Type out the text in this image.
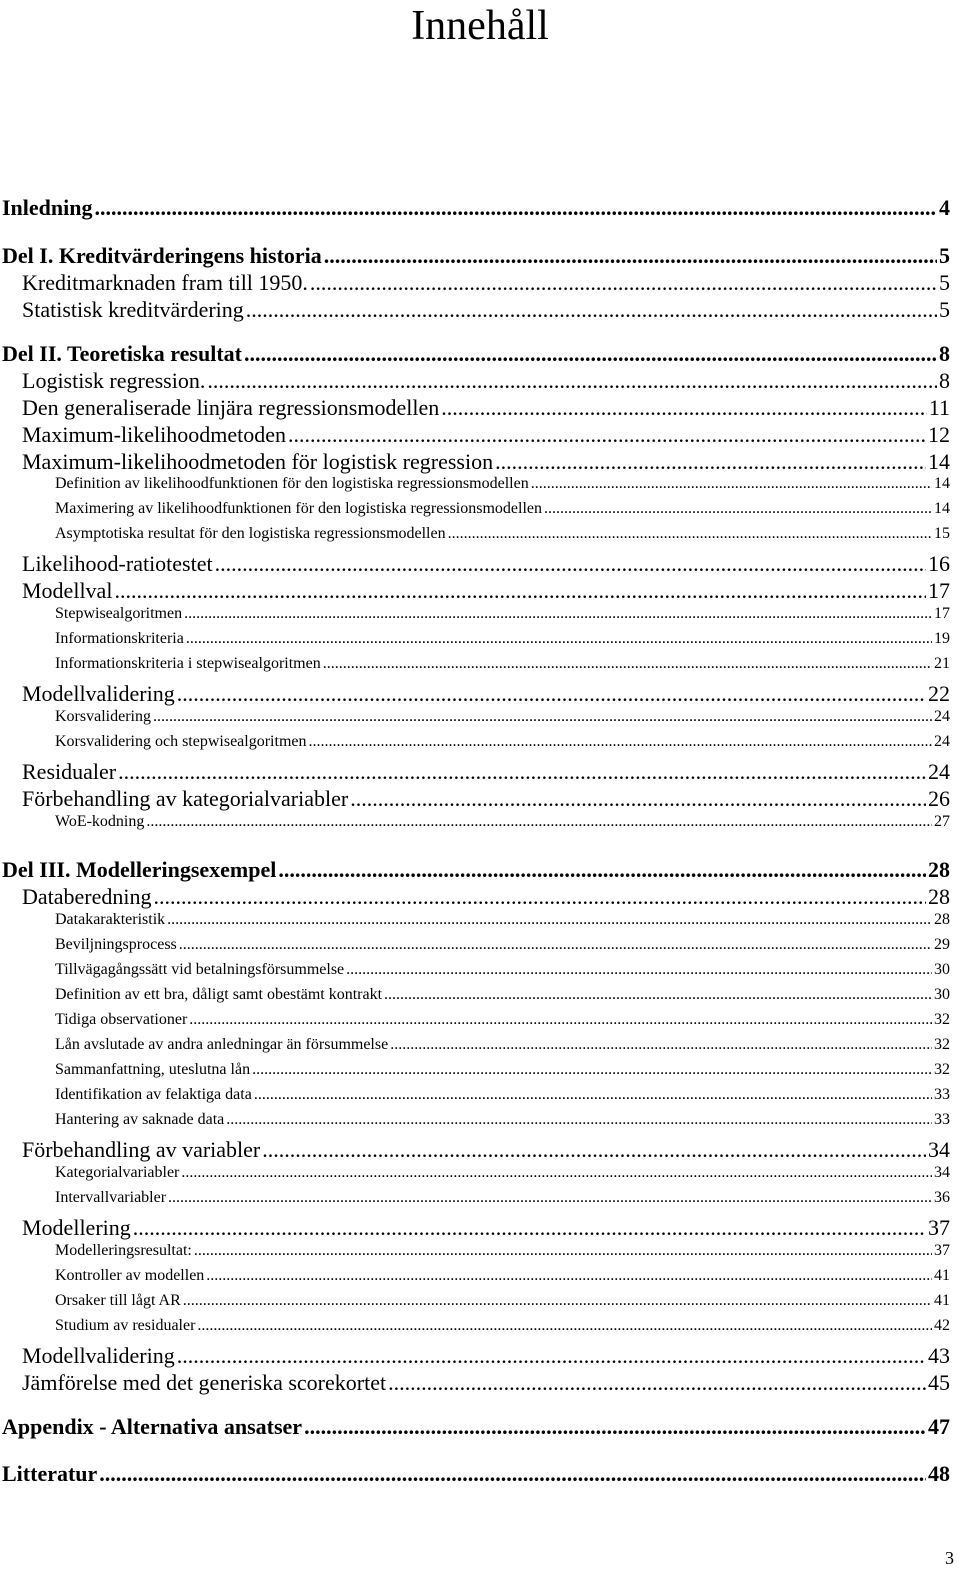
Innehåll
Inledning .....	4
Del I. Kreditvärderingens historia .....	5
Kreditmarknaden fram till 1950. .....	5
Statistisk kreditvärdering .....	5
Del II. Teoretiska resultat .....	8
Logistisk regression. .....	8
Den generaliserade linjära regressionsmodellen .....	11
Maximum-likelihoodmetoden .....	12
Maximum-likelihoodmetoden för logistisk regression .....	14
Definition av likelihoodfunktionen för den logistiska regressionsmodellen .....	14
Maximering av likelihoodfunktionen för den logistiska regressionsmodellen .....	14
Asymptotiska resultat för den logistiska regressionsmodellen .....	15
Likelihood-ratiotestet .....	16
Modellval .....	17
Stepwisealgoritmen .....	17
Informationskriteria .....	19
Informationskriteria i stepwisealgoritmen .....	21
Modellvalidering .....	22
Korsvalidering .....	24
Korsvalidering och stepwisealgoritmen .....	24
Residualer .....	24
Förbehandling av kategorialvariabler .....	26
WoE-kodning .....	27
Del III. Modelleringsexempel .....	28
Databeredning .....	28
Datakarakteristik .....	28
Beviljningsprocess .....	29
Tillvägagångssätt vid betalningsförsummelse .....	30
Definition av ett bra, dåligt samt obestämt kontrakt .....	30
Tidiga observationer .....	32
Lån avslutade av andra anledningar än försummelse .....	32
Sammanfattning, uteslutna lån .....	32
Identifikation av felaktiga data .....	33
Hantering av saknade data .....	33
Förbehandling av variabler .....	34
Kategorialvariabler .....	34
Intervallvariabler .....	36
Modellering .....	37
Modelleringsresultat: .....	37
Kontroller av modellen .....	41
Orsaker till lågt AR .....	41
Studium av residualer .....	42
Modellvalidering .....	43
Jämförelse med det generiska scorekortet .....	45
Appendix - Alternativa ansatser .....	47
Litteratur .....	48
3
